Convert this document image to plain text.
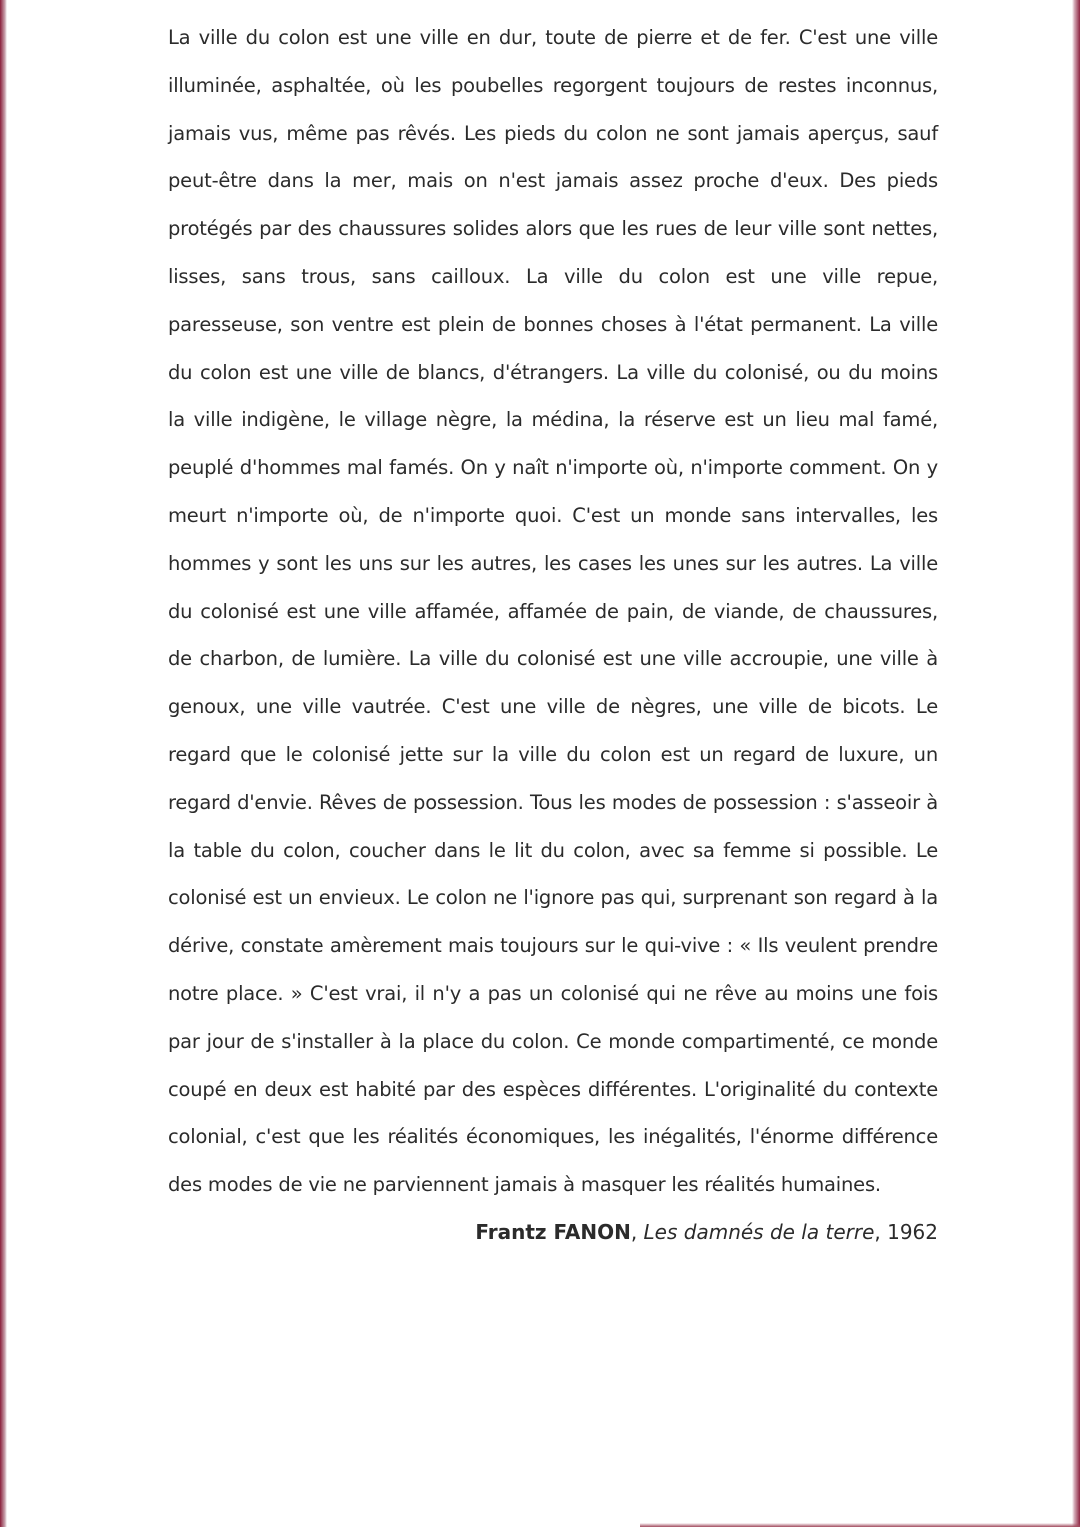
La ville du colon est une ville en dur, toute de pierre et de fer. C'est une ville illuminée, asphaltée, où les poubelles regorgent toujours de restes inconnus, jamais vus, même pas rêvés. Les pieds du colon ne sont jamais aperçus, sauf peut-être dans la mer, mais on n'est jamais assez proche d'eux. Des pieds protégés par des chaussures solides alors que les rues de leur ville sont nettes, lisses, sans trous, sans cailloux. La ville du colon est une ville repue, paresseuse, son ventre est plein de bonnes choses à l'état permanent. La ville du colon est une ville de blancs, d'étrangers. La ville du colonisé, ou du moins la ville indigène, le village nègre, la médina, la réserve est un lieu mal famé, peuplé d'hommes mal famés. On y naît n'importe où, n'importe comment. On y meurt n'importe où, de n'importe quoi. C'est un monde sans intervalles, les hommes y sont les uns sur les autres, les cases les unes sur les autres. La ville du colonisé est une ville affamée, affamée de pain, de viande, de chaussures, de charbon, de lumière. La ville du colonisé est une ville accroupie, une ville à genoux, une ville vautrée. C'est une ville de nègres, une ville de bicots. Le regard que le colonisé jette sur la ville du colon est un regard de luxure, un regard d'envie. Rêves de possession. Tous les modes de possession : s'asseoir à la table du colon, coucher dans le lit du colon, avec sa femme si possible. Le colonisé est un envieux. Le colon ne l'ignore pas qui, surprenant son regard à la dérive, constate amèrement mais toujours sur le qui-vive : « Ils veulent prendre notre place. » C'est vrai, il n'y a pas un colonisé qui ne rêve au moins une fois par jour de s'installer à la place du colon. Ce monde compartimenté, ce monde coupé en deux est habité par des espèces différentes. L'originalité du contexte colonial, c'est que les réalités économiques, les inégalités, l'énorme différence des modes de vie ne parviennent jamais à masquer les réalités humaines.

Frantz FANON, Les damnés de la terre, 1962
